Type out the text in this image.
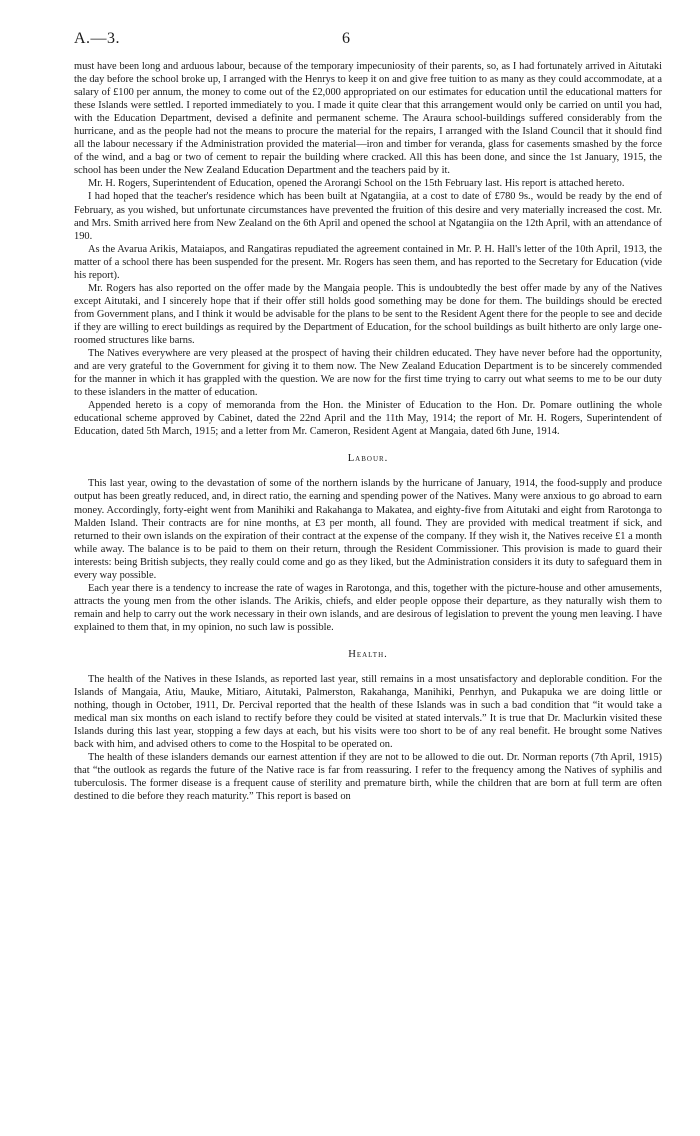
A.—3.	6

must have been long and arduous labour, because of the temporary impecuniosity of their parents, so, as I had fortunately arrived in Aitutaki the day before the school broke up, I arranged with the Henrys to keep it on and give free tuition to as many as they could accommodate, at a salary of £100 per annum, the money to come out of the £2,000 appropriated on our estimates for education until the educational matters for these Islands were settled. I reported immediately to you. I made it quite clear that this arrangement would only be carried on until you had, with the Education Department, devised a definite and permanent scheme. The Araura school-buildings suffered considerably from the hurricane, and as the people had not the means to procure the material for the repairs, I arranged with the Island Council that it should find all the labour necessary if the Administration provided the material—iron and timber for veranda, glass for casements smashed by the force of the wind, and a bag or two of cement to repair the building where cracked. All this has been done, and since the 1st January, 1915, the school has been under the New Zealand Education Department and the teachers paid by it.

Mr. H. Rogers, Superintendent of Education, opened the Arorangi School on the 15th February last. His report is attached hereto.

I had hoped that the teacher's residence which has been built at Ngatangiia, at a cost to date of £780 9s., would be ready by the end of February, as you wished, but unfortunate circumstances have prevented the fruition of this desire and very materially increased the cost. Mr. and Mrs. Smith arrived here from New Zealand on the 6th April and opened the school at Ngatangiia on the 12th April, with an attendance of 190.

As the Avarua Arikis, Mataiapos, and Rangatiras repudiated the agreement contained in Mr. P. H. Hall's letter of the 10th April, 1913, the matter of a school there has been suspended for the present. Mr. Rogers has seen them, and has reported to the Secretary for Education (vide his report).

Mr. Rogers has also reported on the offer made by the Mangaia people. This is undoubtedly the best offer made by any of the Natives except Aitutaki, and I sincerely hope that if their offer still holds good something may be done for them. The buildings should be erected from Government plans, and I think it would be advisable for the plans to be sent to the Resident Agent there for the people to see and decide if they are willing to erect buildings as required by the Department of Education, for the school buildings as built hitherto are only large one-roomed structures like barns.

The Natives everywhere are very pleased at the prospect of having their children educated. They have never before had the opportunity, and are very grateful to the Government for giving it to them now. The New Zealand Education Department is to be sincerely commended for the manner in which it has grappled with the question. We are now for the first time trying to carry out what seems to me to be our duty to these islanders in the matter of education.

Appended hereto is a copy of memoranda from the Hon. the Minister of Education to the Hon. Dr. Pomare outlining the whole educational scheme approved by Cabinet, dated the 22nd April and the 11th May, 1914; the report of Mr. H. Rogers, Superintendent of Education, dated 5th March, 1915; and a letter from Mr. Cameron, Resident Agent at Mangaia, dated 6th June, 1914.

Labour.

This last year, owing to the devastation of some of the northern islands by the hurricane of January, 1914, the food-supply and produce output has been greatly reduced, and, in direct ratio, the earning and spending power of the Natives. Many were anxious to go abroad to earn money. Accordingly, forty-eight went from Manihiki and Rakahanga to Makatea, and eighty-five from Aitutaki and eight from Rarotonga to Malden Island. Their contracts are for nine months, at £3 per month, all found. They are provided with medical treatment if sick, and returned to their own islands on the expiration of their contract at the expense of the company. If they wish it, the Natives receive £1 a month while away. The balance is to be paid to them on their return, through the Resident Commissioner. This provision is made to guard their interests: being British subjects, they really could come and go as they liked, but the Administration considers it its duty to safeguard them in every way possible.

Each year there is a tendency to increase the rate of wages in Rarotonga, and this, together with the picture-house and other amusements, attracts the young men from the other islands. The Arikis, chiefs, and elder people oppose their departure, as they naturally wish them to remain and help to carry out the work necessary in their own islands, and are desirous of legislation to prevent the young men leaving. I have explained to them that, in my opinion, no such law is possible.

Health.

The health of the Natives in these Islands, as reported last year, still remains in a most unsatisfactory and deplorable condition. For the Islands of Mangaia, Atiu, Mauke, Mitiaro, Aitutaki, Palmerston, Rakahanga, Manihiki, Penrhyn, and Pukapuka we are doing little or nothing, though in October, 1911, Dr. Percival reported that the health of these Islands was in such a bad condition that “it would take a medical man six months on each island to rectify before they could be visited at stated intervals.” It is true that Dr. Maclurkin visited these Islands during this last year, stopping a few days at each, but his visits were too short to be of any real benefit. He brought some Natives back with him, and advised others to come to the Hospital to be operated on.

The health of these islanders demands our earnest attention if they are not to be allowed to die out. Dr. Norman reports (7th April, 1915) that “the outlook as regards the future of the Native race is far from reassuring. I refer to the frequency among the Natives of syphilis and tuberculosis. The former disease is a frequent cause of sterility and premature birth, while the children that are born at full term are often destined to die before they reach maturity.” This report is based on
